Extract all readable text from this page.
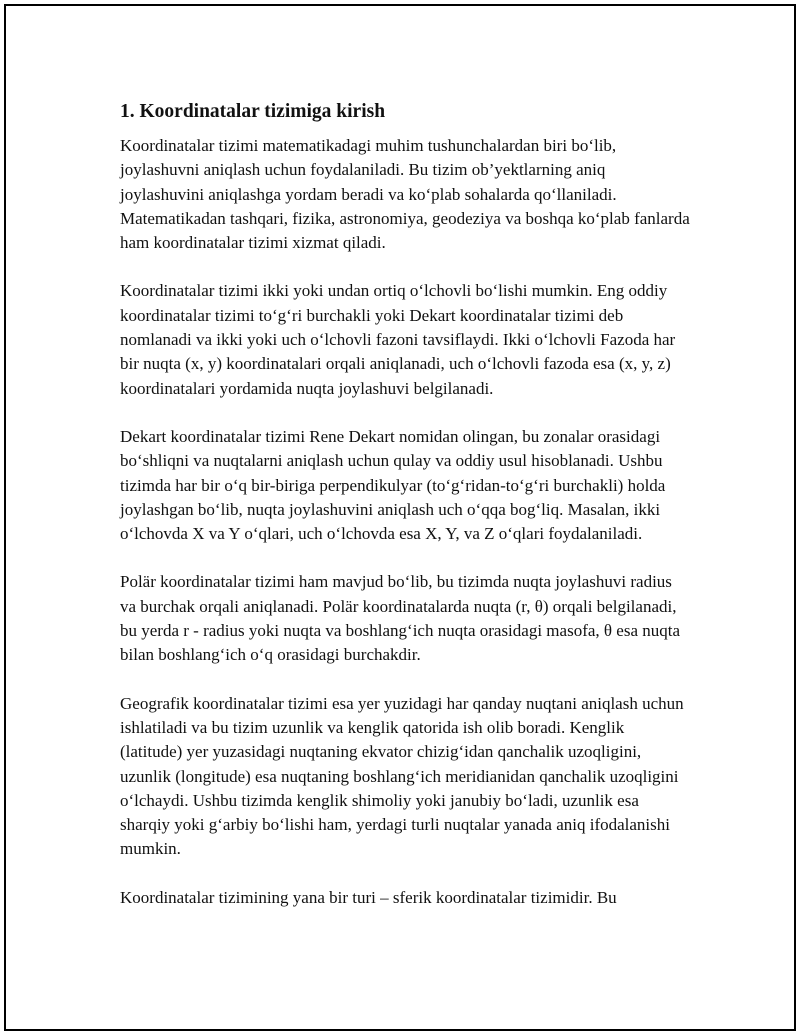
1. Koordinatalar tizimiga kirish

Koordinatalar tizimi matematikadagi muhim tushunchalardan biri bo‘lib, joylashuvni aniqlash uchun foydalaniladi. Bu tizim ob’yektlarning aniq joylashuvini aniqlashga yordam beradi va ko‘plab sohalarda qo‘llaniladi. Matematikadan tashqari, fizika, astronomiya, geodeziya va boshqa ko‘plab fanlarda ham koordinatalar tizimi xizmat qiladi.

Koordinatalar tizimi ikki yoki undan ortiq o‘lchovli bo‘lishi mumkin. Eng oddiy koordinatalar tizimi to‘g‘ri burchakli yoki Dekart koordinatalar tizimi deb nomlanadi va ikki yoki uch o‘lchovli fazoni tavsiflaydi. Ikki o‘lchovli Fazoda har bir nuqta (x, y) koordinatalari orqali aniqlanadi, uch o‘lchovli fazoda esa (x, y, z) koordinatalari yordamida nuqta joylashuvi belgilanadi.

Dekart koordinatalar tizimi Rene Dekart nomidan olingan, bu zonalar orasidagi bo‘shliqni va nuqtalarni aniqlash uchun qulay va oddiy usul hisoblanadi. Ushbu tizimda har bir o‘q bir-biriga perpendikulyar (to‘g‘ridan-to‘g‘ri burchakli) holda joylashgan bo‘lib, nuqta joylashuvini aniqlash uch o‘qqa bog‘liq. Masalan, ikki o‘lchovda X va Y o‘qlari, uch o‘lchovda esa X, Y, va Z o‘qlari foydalaniladi.

Polär koordinatalar tizimi ham mavjud bo‘lib, bu tizimda nuqta joylashuvi radius va burchak orqali aniqlanadi. Polär koordinatalarda nuqta (r, θ) orqali belgilanadi, bu yerda r - radius yoki nuqta va boshlang‘ich nuqta orasidagi masofa, θ esa nuqta bilan boshlang‘ich o‘q orasidagi burchakdir.

Geografik koordinatalar tizimi esa yer yuzidagi har qanday nuqtani aniqlash uchun ishlatiladi va bu tizim uzunlik va kenglik qatorida ish olib boradi. Kenglik (latitude) yer yuzasidagi nuqtaning ekvator chizig‘idan qanchalik uzoqligini, uzunlik (longitude) esa nuqtaning boshlang‘ich meridianidan qanchalik uzoqligini o‘lchaydi. Ushbu tizimda kenglik shimoliy yoki janubiy bo‘ladi, uzunlik esa sharqiy yoki g‘arbiy bo‘lishi ham, yerdagi turli nuqtalar yanada aniq ifodalanishi mumkin.

Koordinatalar tizimining yana bir turi – sferik koordinatalar tizimidir. Bu
